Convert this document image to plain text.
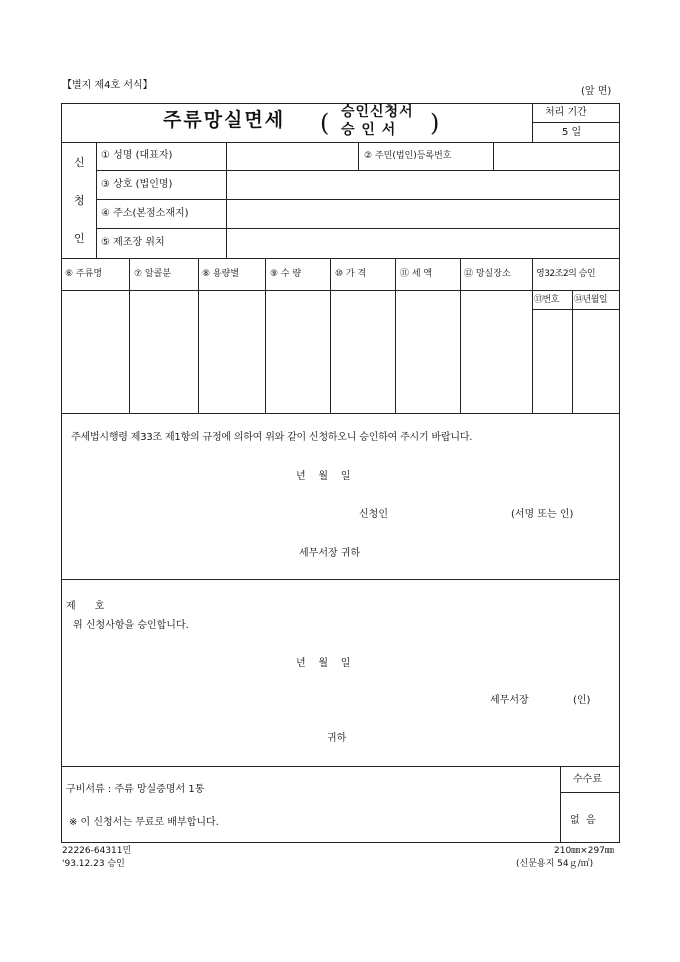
【별지 제4호 서식】
(앞 면)
주류망실면세 ( 승인신청서
승 인 서 )	처리 기간
5 일
신
청
인
① 성명 (대표자)	② 주민(법인)등록번호
③ 상호 (법인명)
④ 주소(본점소재지)
⑤ 제조장 위치
⑥ 주류명	⑦ 알콜분	⑧ 용량별	⑨ 수 량	⑩ 가 격	⑪ 세 액	⑫ 망실장소	영32조2의 승인
⑬번호 ⑭년월일
주세법시행령 제33조 제1항의 규정에 의하여 위와 같이 신청하오니 승인하여 주시기 바랍니다.
년    월    일
신청인	(서명 또는 인)
세무서장 귀하
제      호
위 신청사항을 승인합니다.
년    월    일
세무서장	(인)
귀하
구비서류 : 주류 망실증명서 1통
※ 이 신청서는 무료로 배부합니다.
수수료
없  음
22226-64311민
'93.12.23 승인
210㎜×297㎜
(신문용지 54ｇ/㎡)
